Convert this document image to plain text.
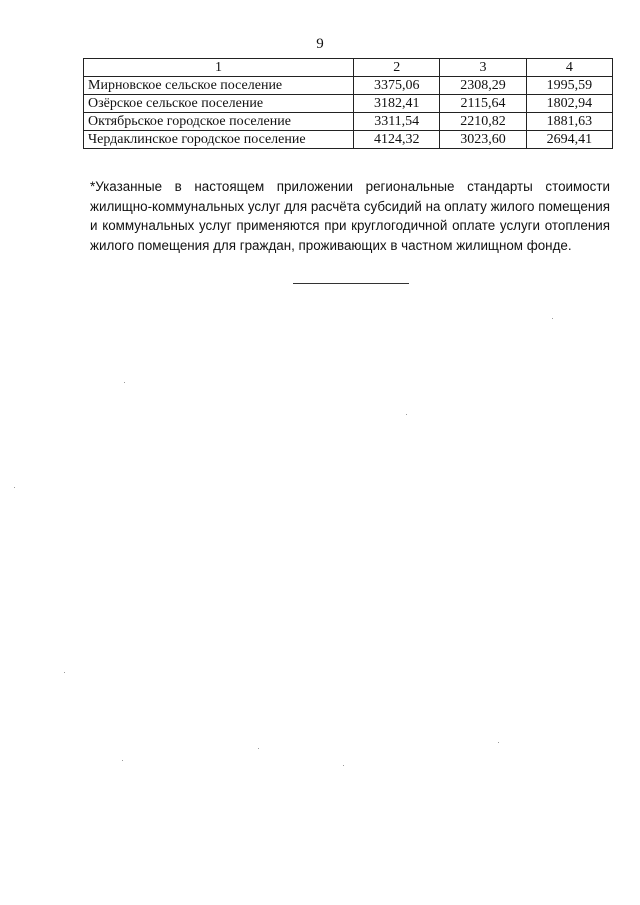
9
1	2	3	4
Мирновское сельское поселение	3375,06	2308,29	1995,59
Озёрское сельское поселение	3182,41	2115,64	1802,94
Октябрьское городское поселение	3311,54	2210,82	1881,63
Чердаклинское городское поселение	4124,32	3023,60	2694,41

*Указанные в настоящем приложении региональные стандарты стоимости жилищно-коммунальных услуг для расчёта субсидий на оплату жилого помещения и коммунальных услуг применяются при круглогодичной оплате услуги отопления жилого помещения для граждан, проживающих в частном жилищном фонде.
